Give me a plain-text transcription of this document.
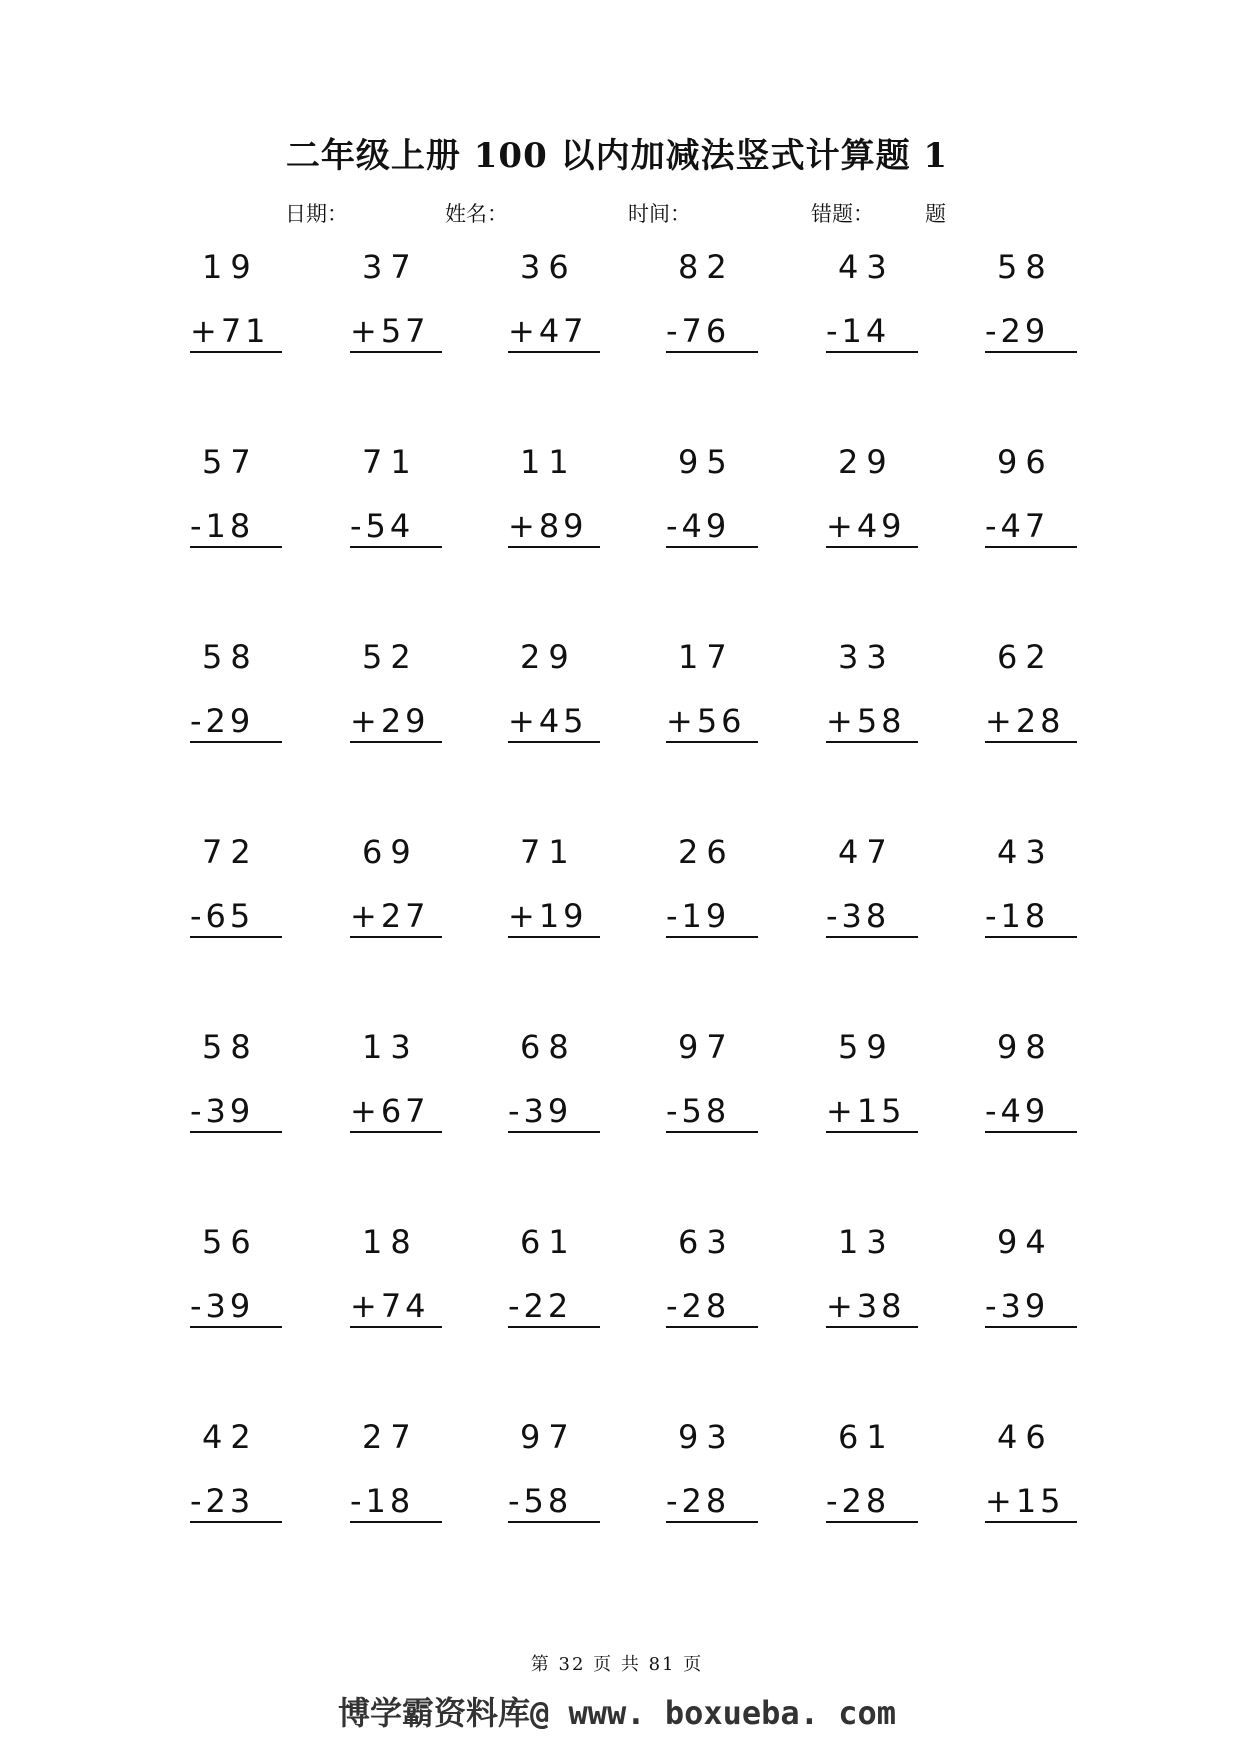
二年级上册 100 以内加减法竖式计算题 1
日期：	姓名：	时间：	错题： 题
19
+71
37
+57
36
+47
82
-76
43
-14
58
-29
57
-18
71
-54
11
+89
95
-49
29
+49
96
-47
58
-29
52
+29
29
+45
17
+56
33
+58
62
+28
72
-65
69
+27
71
+19
26
-19
47
-38
43
-18
58
-39
13
+67
68
-39
97
-58
59
+15
98
-49
56
-39
18
+74
61
-22
63
-28
13
+38
94
-39
42
-23
27
-18
97
-58
93
-28
61
-28
46
+15
第 32 页 共 81 页
博学霸资料库@ www. boxueba. com
